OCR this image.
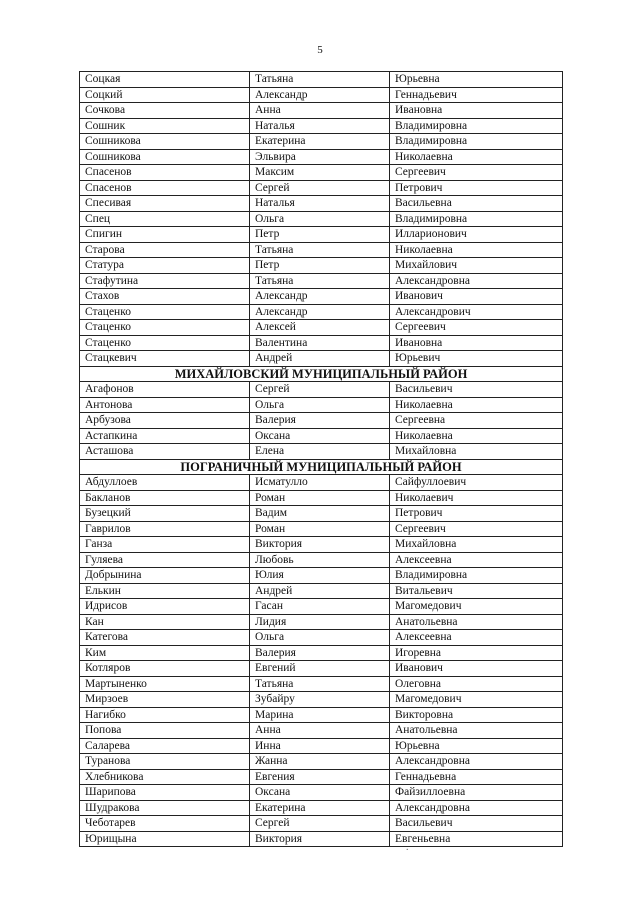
5
Соцкая	Татьяна	Юрьевна
Соцкий	Александр	Геннадьевич
Сочкова	Анна	Ивановна
Сошник	Наталья	Владимировна
Сошникова	Екатерина	Владимировна
Сошникова	Эльвира	Николаевна
Спасенов	Максим	Сергеевич
Спасенов	Сергей	Петрович
Спесивая	Наталья	Васильевна
Спец	Ольга	Владимировна
Спигин	Петр	Илларионович
Старова	Татьяна	Николаевна
Статура	Петр	Михайлович
Стафутина	Татьяна	Александровна
Стахов	Александр	Иванович
Стаценко	Александр	Александрович
Стаценко	Алексей	Сергеевич
Стаценко	Валентина	Ивановна
Стацкевич	Андрей	Юрьевич
МИХАЙЛОВСКИЙ МУНИЦИПАЛЬНЫЙ РАЙОН		
Агафонов	Сергей	Васильевич
Антонова	Ольга	Николаевна
Арбузова	Валерия	Сергеевна
Астапкина	Оксана	Николаевна
Асташова	Елена	Михайловна
ПОГРАНИЧНЫЙ МУНИЦИПАЛЬНЫЙ РАЙОН		
Абдуллоев	Исматулло	Сайфуллоевич
Бакланов	Роман	Николаевич
Бузецкий	Вадим	Петрович
Гаврилов	Роман	Сергеевич
Ганза	Виктория	Михайловна
Гуляева	Любовь	Алексеевна
Добрынина	Юлия	Владимировна
Елькин	Андрей	Витальевич
Идрисов	Гасан	Магомедович
Кан	Лидия	Анатольевна
Категова	Ольга	Алексеевна
Ким	Валерия	Игоревна
Котляров	Евгений	Иванович
Мартыненко	Татьяна	Олеговна
Мирзоев	Зубайру	Магомедович
Нагибко	Марина	Викторовна
Попова	Анна	Анатольевна
Саларева	Инна	Юрьевна
Туранова	Жанна	Александровна
Хлебникова	Евгения	Геннадьевна
Шарипова	Оксана	Файзиллоевна
Шудракова	Екатерина	Александровна
Чеботарев	Сергей	Васильевич
Юрищына	Виктория	Евгеньевна
.
